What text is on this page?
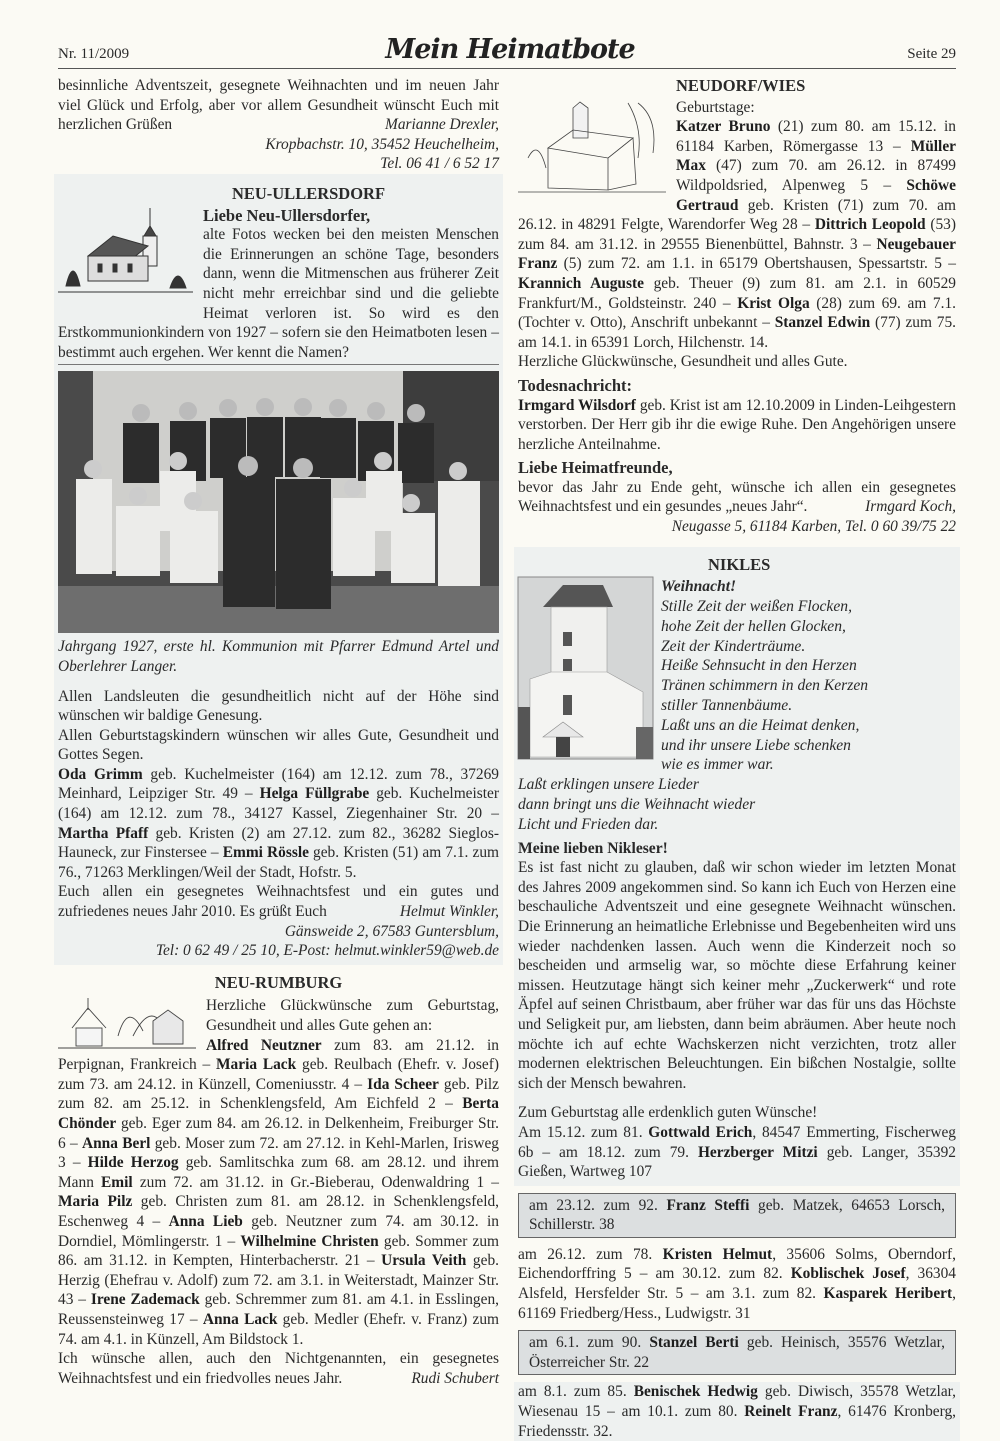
Nr. 11/2009	Mein Heimatbote	Seite 29

besinnliche Adventszeit, gesegnete Weihnachten und im neuen Jahr viel Glück und Erfolg, aber vor allem Gesundheit wünscht Euch mit herzlichen Grüßen	Marianne Drexler,

Kropbachstr. 10, 35452 Heuchelheim,

Tel. 06 41 / 6 52 17

NEU-ULLERSDORF

Liebe Neu-Ullersdorfer,

alte Fotos wecken bei den meisten Menschen die Erinnerungen an schöne Tage, besonders dann, wenn die Mitmenschen aus früherer Zeit nicht mehr erreichbar sind und die geliebte Heimat verloren ist. So wird es den Erstkommunionkindern von 1927 – sofern sie den Heimatboten lesen – bestimmt auch ergehen. Wer kennt die Namen?

Jahrgang 1927, erste hl. Kommunion mit Pfarrer Edmund Artel und Oberlehrer Langer.

Allen Landsleuten die gesundheitlich nicht auf der Höhe sind wünschen wir baldige Genesung.

Allen Geburtstagskindern wünschen wir alles Gute, Gesundheit und Gottes Segen.

Oda Grimm geb. Kuchelmeister (164) am 12.12. zum 78., 37269 Meinhard, Leipziger Str. 49 – Helga Füllgrabe geb. Kuchelmeister (164) am 12.12. zum 78., 34127 Kassel, Ziegenhainer Str. 20 – Martha Pfaff geb. Kristen (2) am 27.12. zum 82., 36282 Sieglos-Hauneck, zur Finstersee – Emmi Rössle geb. Kristen (51) am 7.1. zum 76., 71263 Merklingen/Weil der Stadt, Hofstr. 5.

Euch allen ein gesegnetes Weihnachtsfest und ein gutes und zufriedenes neues Jahr 2010. Es grüßt Euch	Helmut Winkler,

Gänsweide 2, 67583 Guntersblum,

Tel: 0 62 49 / 25 10, E-Post: helmut.winkler59@web.de

NEU-RUMBURG

Herzliche Glückwünsche zum Geburtstag, Gesundheit und alles Gute gehen an:

Alfred Neutzner zum 83. am 21.12. in Perpignan, Frankreich – Maria Lack geb. Reulbach (Ehefr. v. Josef) zum 73. am 24.12. in Künzell, Comeniusstr. 4 – Ida Scheer geb. Pilz zum 82. am 25.12. in Schenklengsfeld, Am Eichfeld 2 – Berta Chönder geb. Eger zum 84. am 26.12. in Delkenheim, Freiburger Str. 6 – Anna Berl geb. Moser zum 72. am 27.12. in Kehl-Marlen, Irisweg 3 – Hilde Herzog geb. Samlitschka zum 68. am 28.12. und ihrem Mann Emil zum 72. am 31.12. in Gr.-Bieberau, Odenwaldring 1 – Maria Pilz geb. Christen zum 81. am 28.12. in Schenklengsfeld, Eschenweg 4 – Anna Lieb geb. Neutzner zum 74. am 30.12. in Dorndiel, Mömlingerstr. 1 – Wilhelmine Christen geb. Sommer zum 86. am 31.12. in Kempten, Hinterbacherstr. 21 – Ursula Veith geb. Herzig (Ehefrau v. Adolf) zum 72. am 3.1. in Weiterstadt, Mainzer Str. 43 – Irene Zademack geb. Schremmer zum 81. am 4.1. in Esslingen, Reussensteinweg 17 – Anna Lack geb. Medler (Ehefr. v. Franz) zum 74. am 4.1. in Künzell, Am Bildstock 1.

Ich wünsche allen, auch den Nichtgenannten, ein gesegnetes Weihnachtsfest und ein friedvolles neues Jahr.	Rudi Schubert

NEUDORF/WIES

Geburtstage:

Katzer Bruno (21) zum 80. am 15.12. in 61184 Karben, Römergasse 13 – Müller Max (47) zum 70. am 26.12. in 87499 Wildpoldsried, Alpenweg 5 – Schöwe Gertraud geb. Kristen (71) zum 70. am 26.12. in 48291 Felgte, Warendorfer Weg 28 – Dittrich Leopold (53) zum 84. am 31.12. in 29555 Bienenbüttel, Bahnstr. 3 – Neugebauer Franz (5) zum 72. am 1.1. in 65179 Obertshausen, Spessartstr. 5 – Krannich Auguste geb. Theuer (9) zum 81. am 2.1. in 60529 Frankfurt/M., Goldsteinstr. 240 – Krist Olga (28) zum 69. am 7.1. (Tochter v. Otto), Anschrift unbekannt – Stanzel Edwin (77) zum 75. am 14.1. in 65391 Lorch, Hilchenstr. 14.

Herzliche Glückwünsche, Gesundheit und alles Gute.

Todesnachricht:

Irmgard Wilsdorf geb. Krist ist am 12.10.2009 in Linden-Leihgestern verstorben. Der Herr gib ihr die ewige Ruhe. Den Angehörigen unsere herzliche Anteilnahme.

Liebe Heimatfreunde,

bevor das Jahr zu Ende geht, wünsche ich allen ein gesegnetes Weihnachtsfest und ein gesundes „neues Jahr“.	Irmgard Koch,

Neugasse 5, 61184 Karben, Tel. 0 60 39/75 22

NIKLES

Weihnacht!

Stille Zeit der weißen Flocken,
hohe Zeit der hellen Glocken,
Zeit der Kinderträume.
Heiße Sehnsucht in den Herzen
Tränen schimmern in den Kerzen
stiller Tannenbäume.
Laßt uns an die Heimat denken,
und ihr unsere Liebe schenken
wie es immer war.
Laßt erklingen unsere Lieder
dann bringt uns die Weihnacht wieder
Licht und Frieden dar.

Meine lieben Nikleser!

Es ist fast nicht zu glauben, daß wir schon wieder im letzten Monat des Jahres 2009 angekommen sind. So kann ich Euch von Herzen eine beschauliche Adventszeit und eine gesegnete Weihnacht wünschen. Die Erinnerung an heimatliche Erlebnisse und Begebenheiten wird uns wieder nachdenken lassen. Auch wenn die Kinderzeit noch so bescheiden und armselig war, so möchte diese Erfahrung keiner missen. Heutzutage hängt sich keiner mehr „Zuckerwerk“ und rote Äpfel auf seinen Christbaum, aber früher war das für uns das Höchste und Seligkeit pur, am liebsten, dann beim abräumen. Aber heute noch möchte ich auf echte Wachskerzen nicht verzichten, trotz aller modernen elektrischen Beleuchtungen. Ein bißchen Nostalgie, sollte sich der Mensch bewahren.

Zum Geburtstag alle erdenklich guten Wünsche!

Am 15.12. zum 81. Gottwald Erich, 84547 Emmerting, Fischerweg 6b – am 18.12. zum 79. Herzberger Mitzi geb. Langer, 35392 Gießen, Wartweg 107

am 23.12. zum 92. Franz Steffi geb. Matzek, 64653 Lorsch, Schillerstr. 38

am 26.12. zum 78. Kristen Helmut, 35606 Solms, Oberndorf, Eichendorffring 5 – am 30.12. zum 82. Koblischek Josef, 36304 Alsfeld, Hersfelder Str. 5 – am 3.1. zum 82. Kasparek Heribert, 61169 Friedberg/Hess., Ludwigstr. 31

am 6.1. zum 90. Stanzel Berti geb. Heinisch, 35576 Wetzlar, Österreicher Str. 22

am 8.1. zum 85. Benischek Hedwig geb. Diwisch, 35578 Wetzlar, Wiesenau 15 – am 10.1. zum 80. Reinelt Franz, 61476 Kronberg, Friedensstr. 32.
